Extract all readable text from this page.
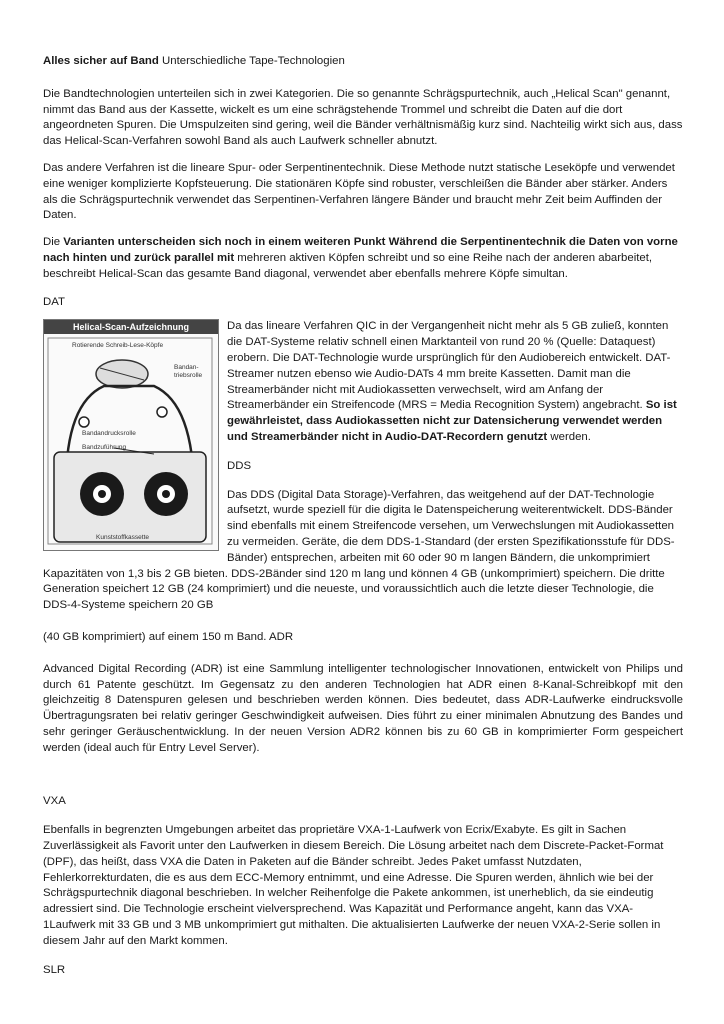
Alles sicher auf Band Unterschiedliche Tape-Technologien

Die Bandtechnologien unterteilen sich in zwei Kategorien. Die so genannte Schrägspurtechnik, auch „Helical Scan" genannt, nimmt das Band aus der Kassette, wickelt es um eine schrägstehende Trommel und schreibt die Daten auf die dort angeordneten Spuren. Die Umspulzeiten sind gering, weil die Bänder verhältnismäßig kurz sind. Nachteilig wirkt sich aus, dass das Helical-Scan-Verfahren sowohl Band als auch Laufwerk schneller abnutzt.

Das andere Verfahren ist die lineare Spur- oder Serpentinentechnik. Diese Methode nutzt statische Leseköpfe und verwendet eine weniger komplizierte Kopfsteuerung. Die stationären Köpfe sind robuster, verschleißen die Bänder aber stärker. Anders als die Schrägspurtechnik verwendet das Serpentinen-Verfahren längere Bänder und braucht mehr Zeit beim Auffinden der Daten.

Die Varianten unterscheiden sich noch in einem weiteren Punkt Während die Serpentinentechnik die Daten von vorne nach hinten und zurück parallel mit mehreren aktiven Köpfen schreibt und so eine Reihe nach der anderen abarbeitet, beschreibt Helical-Scan das gesamte Band diagonal, verwendet aber ebenfalls mehrere Köpfe simultan.

DAT

Helical-Scan-Aufzeichnung
Rotierende Schreib-Lese-Köpfe
Bandan-
triebsrolle
Bandandrucksrolle
Bandzuführung
Kunststoffkassette

Da das lineare Verfahren QIC in der Vergangenheit nicht mehr als 5 GB zuließ, konnten die DAT-Systeme relativ schnell einen Marktanteil von rund 20 % (Quelle: Dataquest) erobern. Die DAT-Technologie wurde ursprünglich für den Audiobereich entwickelt. DAT-Streamer nutzen ebenso wie Audio-DATs 4 mm breite Kassetten. Damit man die Streamerbänder nicht mit Audiokassetten verwechselt, wird am Anfang der Streamerbänder ein Streifencode (MRS = Media Recognition System) angebracht. So ist gewährleistet, dass Audiokassetten nicht zur Datensicherung verwendet werden und Streamerbänder nicht in Audio-DAT-Recordern genutzt werden.

DDS

Das DDS (Digital Data Storage)-Verfahren, das weitgehend auf der DAT-Technologie aufsetzt, wurde speziell für die digita le Datenspeicherung weiterentwickelt. DDS-Bänder sind ebenfalls mit einem Streifencode versehen, um Verwechslungen mit Audiokassetten zu vermeiden. Geräte, die dem DDS-1-Standard (der ersten Spezifikationsstufe für DDS-Bänder) entsprechen, arbeiten mit 60 oder 90 m langen Bändern, die unkomprimiert Kapazitäten von 1,3 bis 2 GB bieten. DDS-2Bänder sind 120 m lang und können 4 GB (unkomprimiert) speichern. Die dritte Generation speichert 12 GB (24 komprimiert) und die neueste, und voraussichtlich auch die letzte dieser Technologie, die DDS-4-Systeme speichern 20 GB

(40 GB komprimiert) auf einem 150 m Band. ADR

Advanced Digital Recording (ADR) ist eine Sammlung intelligenter technologischer Innovationen, entwickelt von Philips und durch 61 Patente geschützt. Im Gegensatz zu den anderen Technologien hat ADR einen 8-Kanal-Schreibkopf mit den gleichzeitig 8 Datenspuren gelesen und beschrieben werden können. Dies bedeutet, dass ADR-Laufwerke eindrucksvolle Übertragungsraten bei relativ geringer Geschwindigkeit aufweisen. Dies führt zu einer minimalen Abnutzung des Bandes und sehr geringer Geräuschentwicklung. In der neuen Version ADR2 können bis zu 60 GB in komprimierter Form gespeichert werden (ideal auch für Entry Level Server).

VXA

Ebenfalls in begrenzten Umgebungen arbeitet das proprietäre VXA-1-Laufwerk von Ecrix/Exabyte. Es gilt in Sachen Zuverlässigkeit als Favorit unter den Laufwerken in diesem Bereich. Die Lösung arbeitet nach dem Discrete-Packet-Format (DPF), das heißt, dass VXA die Daten in Paketen auf die Bänder schreibt. Jedes Paket umfasst Nutzdaten, Fehlerkorrekturdaten, die es aus dem ECC-Memory entnimmt, und eine Adresse. Die Spuren werden, ähnlich wie bei der Schrägspurtechnik diagonal beschrieben. In welcher Reihenfolge die Pakete ankommen, ist unerheblich, da sie eindeutig adressiert sind. Die Technologie erscheint vielversprechend. Was Kapazität und Performance angeht, kann das VXA-1Laufwerk mit 33 GB und 3 MB unkomprimiert gut mithalten. Die aktualisierten Laufwerke der neuen VXA-2-Serie sollen in diesem Jahr auf den Markt kommen.

SLR
